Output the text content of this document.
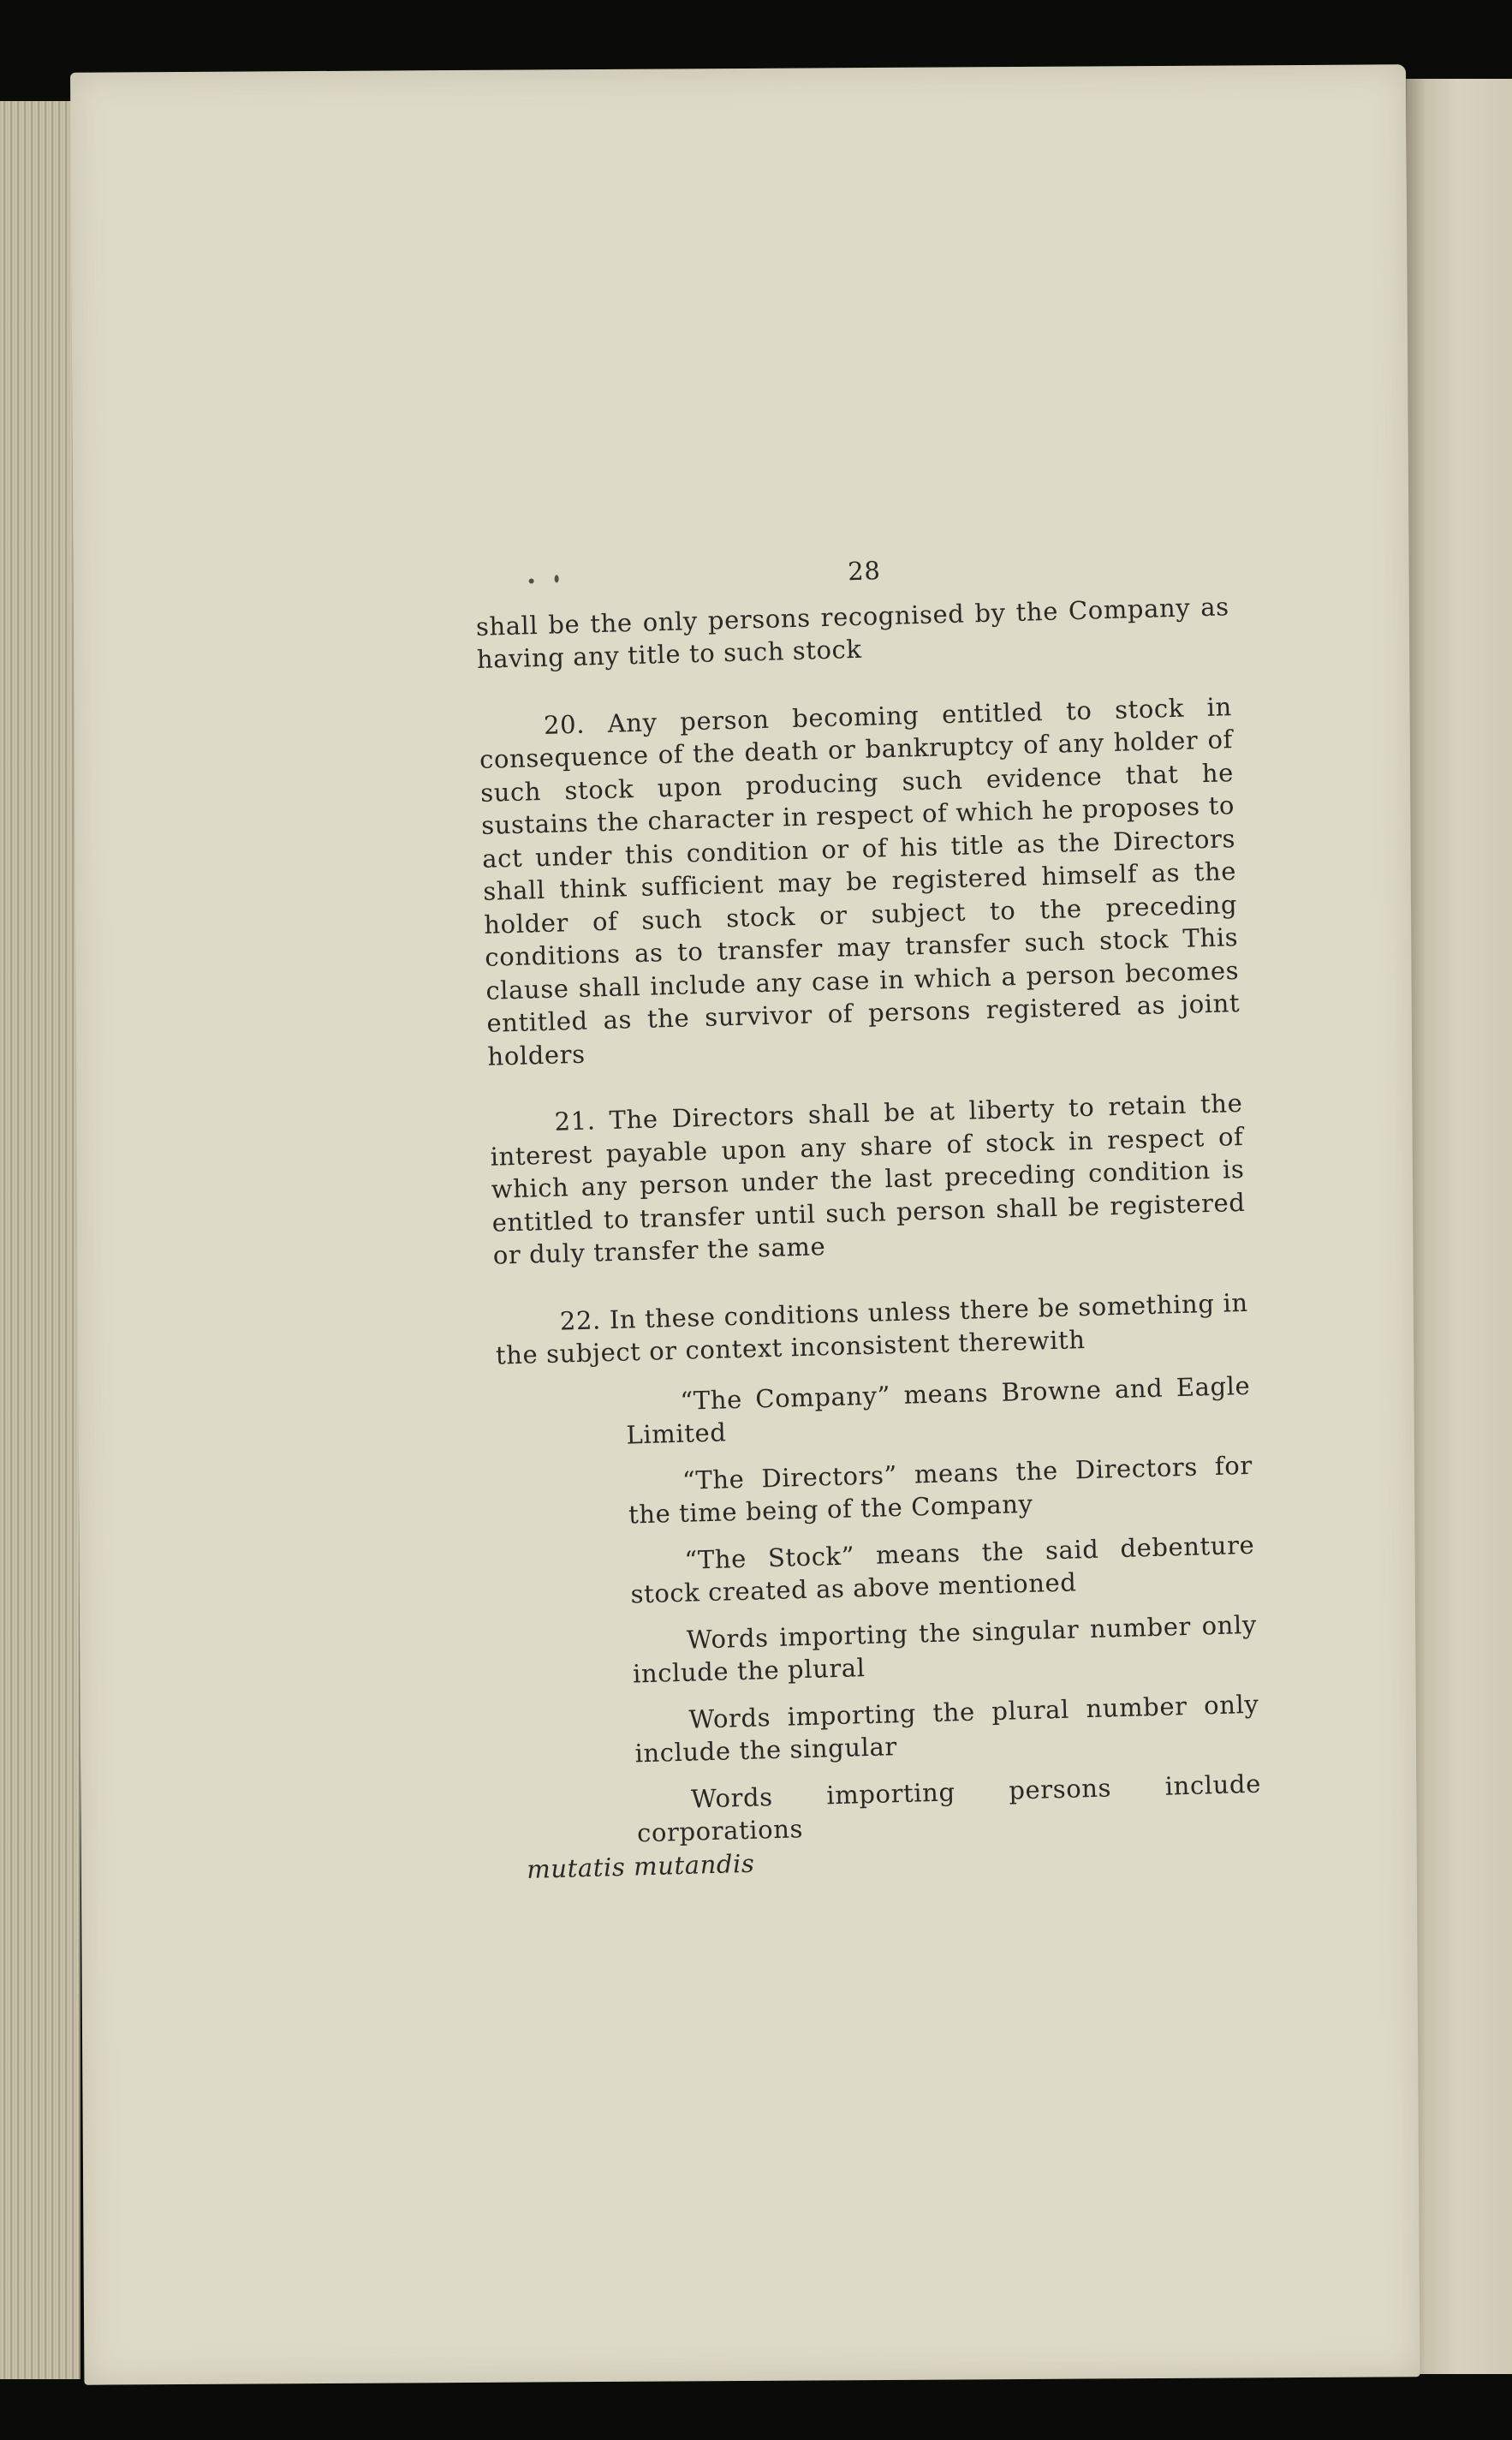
28

shall be the only persons recognised by the Company as having any title to such stock

20. Any person becoming entitled to stock in consequence of the death or bankruptcy of any holder of such stock upon producing such evidence that he sustains the character in respect of which he proposes to act under this condition or of his title as the Directors shall think sufficient may be registered himself as the holder of such stock or subject to the preceding conditions as to transfer may transfer such stock This clause shall include any case in which a person becomes entitled as the survivor of persons registered as joint holders

21. The Directors shall be at liberty to retain the interest payable upon any share of stock in respect of which any person under the last preceding condition is entitled to transfer until such person shall be registered or duly transfer the same

22. In these conditions unless there be something in the subject or context inconsistent therewith

“The Company” means Browne and Eagle Limited

“The Directors” means the Directors for the time being of the Company

“The Stock” means the said debenture stock created as above mentioned

Words importing the singular number only include the plural

Words importing the plural number only include the singular

Words importing persons include corporations

mutatis mutandis
